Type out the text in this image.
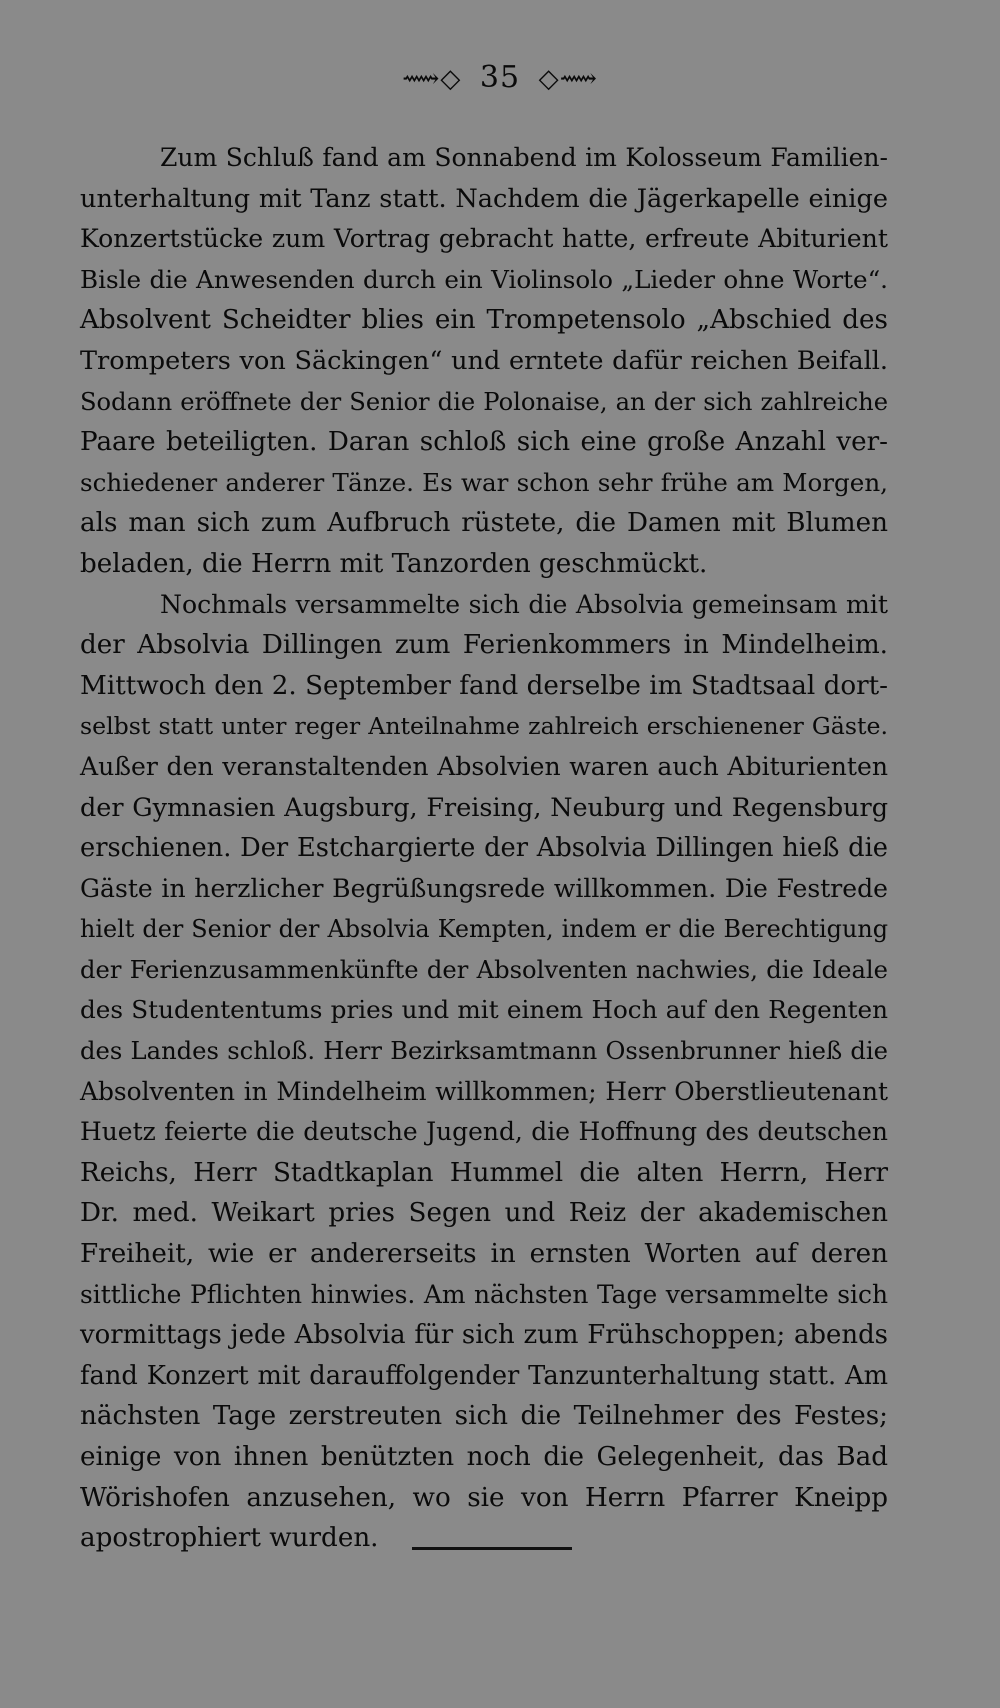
⟿◇ 35 ◇⟿
Zum Schluß fand am Sonnabend im Kolosseum Familien-
unterhaltung mit Tanz statt. Nachdem die Jägerkapelle einige
Konzertstücke zum Vortrag gebracht hatte, erfreute Abiturient
Bisle die Anwesenden durch ein Violinsolo „Lieder ohne Worte“.
Absolvent Scheidter blies ein Trompetensolo „Abschied des
Trompeters von Säckingen“ und erntete dafür reichen Beifall.
Sodann eröffnete der Senior die Polonaise, an der sich zahlreiche
Paare beteiligten. Daran schloß sich eine große Anzahl ver-
schiedener anderer Tänze. Es war schon sehr frühe am Morgen,
als man sich zum Aufbruch rüstete, die Damen mit Blumen
beladen, die Herrn mit Tanzorden geschmückt.
Nochmals versammelte sich die Absolvia gemeinsam mit
der Absolvia Dillingen zum Ferienkommers in Mindelheim.
Mittwoch den 2. September fand derselbe im Stadtsaal dort-
selbst statt unter reger Anteilnahme zahlreich erschienener Gäste.
Außer den veranstaltenden Absolvien waren auch Abiturienten
der Gymnasien Augsburg, Freising, Neuburg und Regensburg
erschienen. Der Estchargierte der Absolvia Dillingen hieß die
Gäste in herzlicher Begrüßungsrede willkommen. Die Festrede
hielt der Senior der Absolvia Kempten, indem er die Berechtigung
der Ferienzusammenkünfte der Absolventen nachwies, die Ideale
des Studententums pries und mit einem Hoch auf den Regenten
des Landes schloß. Herr Bezirksamtmann Ossenbrunner hieß die
Absolventen in Mindelheim willkommen; Herr Oberstlieutenant
Huetz feierte die deutsche Jugend, die Hoffnung des deutschen
Reichs, Herr Stadtkaplan Hummel die alten Herrn, Herr
Dr. med. Weikart pries Segen und Reiz der akademischen
Freiheit, wie er andererseits in ernsten Worten auf deren
sittliche Pflichten hinwies. Am nächsten Tage versammelte sich
vormittags jede Absolvia für sich zum Frühschoppen; abends
fand Konzert mit darauffolgender Tanzunterhaltung statt. Am
nächsten Tage zerstreuten sich die Teilnehmer des Festes;
einige von ihnen benützten noch die Gelegenheit, das Bad
Wörishofen anzusehen, wo sie von Herrn Pfarrer Kneipp
apostrophiert wurden.
